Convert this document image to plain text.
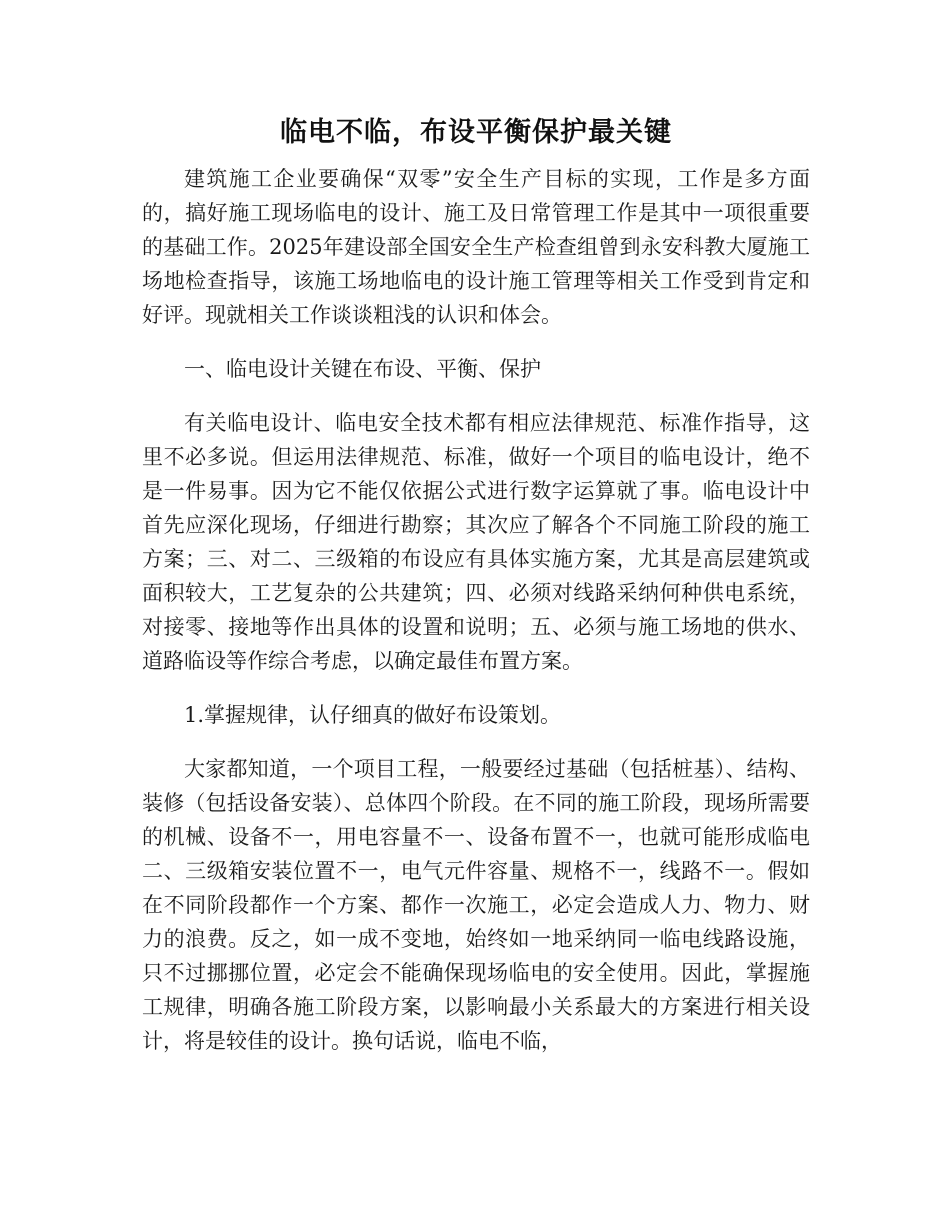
临电不临，布设平衡保护最关键

建筑施工企业要确保“双零”安全生产目标的实现，工作是多方面的，搞好施工现场临电的设计、施工及日常管理工作是其中一项很重要的基础工作。2025年建设部全国安全生产检查组曾到永安科教大厦施工场地检查指导，该施工场地临电的设计施工管理等相关工作受到肯定和好评。现就相关工作谈谈粗浅的认识和体会。

一、临电设计关键在布设、平衡、保护

有关临电设计、临电安全技术都有相应法律规范、标准作指导，这里不必多说。但运用法律规范、标准，做好一个项目的临电设计，绝不是一件易事。因为它不能仅依据公式进行数字运算就了事。临电设计中首先应深化现场，仔细进行勘察；其次应了解各个不同施工阶段的施工方案；三、对二、三级箱的布设应有具体实施方案，尤其是高层建筑或面积较大，工艺复杂的公共建筑；四、必须对线路采纳何种供电系统，对接零、接地等作出具体的设置和说明；五、必须与施工场地的供水、道路临设等作综合考虑，以确定最佳布置方案。

1.掌握规律，认仔细真的做好布设策划。

大家都知道，一个项目工程，一般要经过基础（包括桩基）、结构、装修（包括设备安装）、总体四个阶段。在不同的施工阶段，现场所需要的机械、设备不一，用电容量不一、设备布置不一，也就可能形成临电二、三级箱安装位置不一，电气元件容量、规格不一，线路不一。假如在不同阶段都作一个方案、都作一次施工，必定会造成人力、物力、财力的浪费。反之，如一成不变地，始终如一地采纳同一临电线路设施，只不过挪挪位置，必定会不能确保现场临电的安全使用。因此，掌握施工规律，明确各施工阶段方案，以影响最小关系最大的方案进行相关设计，将是较佳的设计。换句话说，临电不临，
